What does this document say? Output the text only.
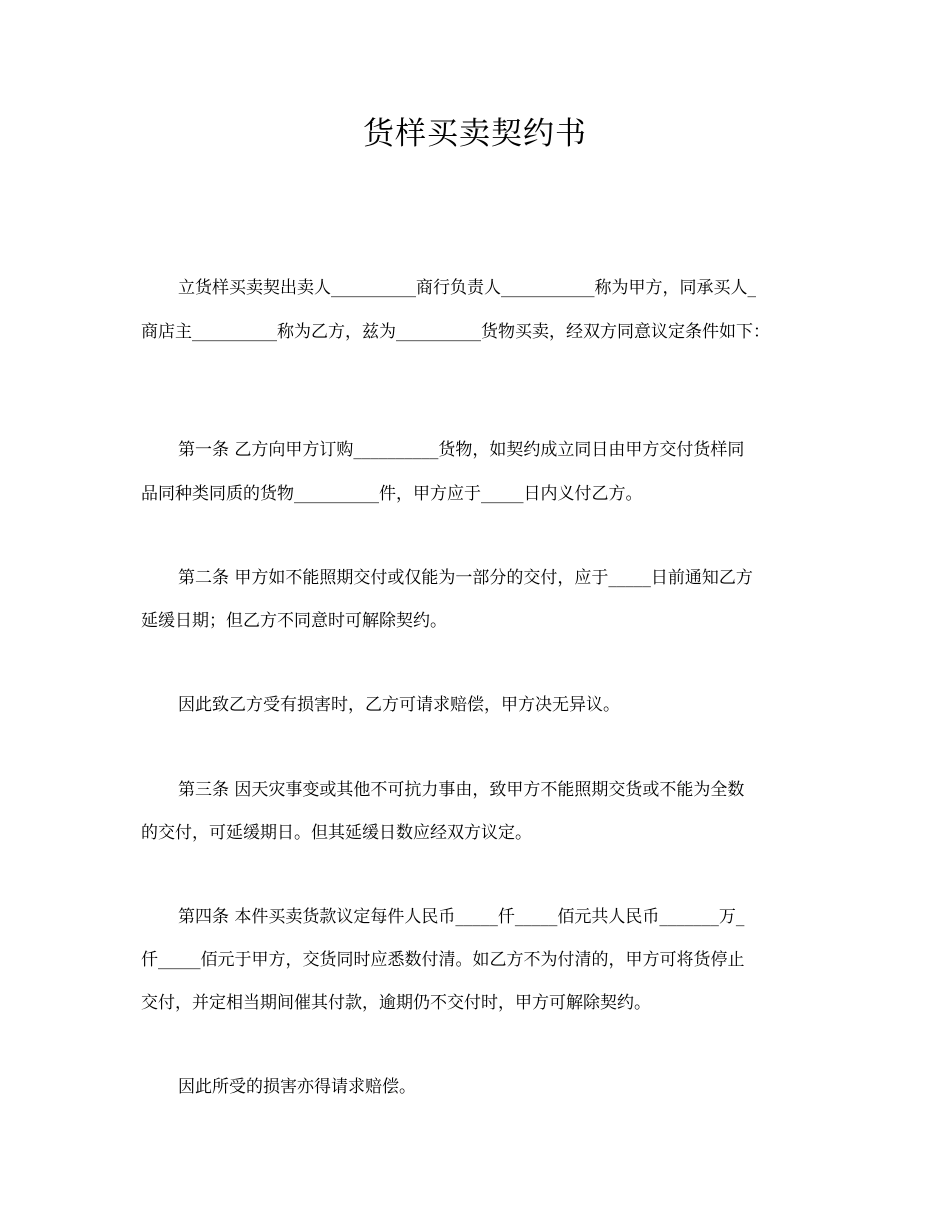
货样买卖契约书

立货样买卖契出卖人__________商行负责人___________称为甲方，同承买人_

商店主__________称为乙方，兹为__________货物买卖，经双方同意议定条件如下：

第一条 乙方向甲方订购__________货物，如契约成立同日由甲方交付货样同

品同种类同质的货物__________件，甲方应于_____日内义付乙方。

第二条 甲方如不能照期交付或仅能为一部分的交付，应于_____日前通知乙方

延缓日期；但乙方不同意时可解除契约。

因此致乙方受有损害时，乙方可请求赔偿，甲方决无异议。

第三条 因天灾事变或其他不可抗力事由，致甲方不能照期交货或不能为全数

的交付，可延缓期日。但其延缓日数应经双方议定。

第四条 本件买卖货款议定每件人民币_____仟_____佰元共人民币_______万_

仟_____佰元于甲方，交货同时应悉数付清。如乙方不为付清的，甲方可将货停止

交付，并定相当期间催其付款，逾期仍不交付时，甲方可解除契约。

因此所受的损害亦得请求赔偿。
